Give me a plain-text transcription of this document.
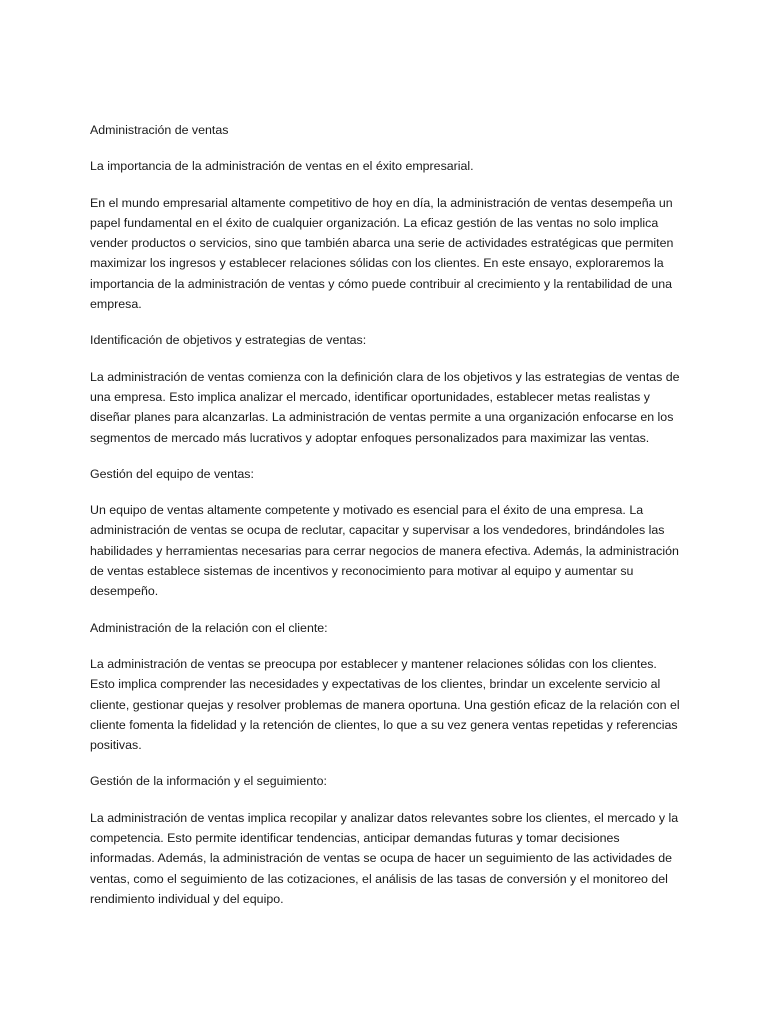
Administración de ventas

La importancia de la administración de ventas en el éxito empresarial.

En el mundo empresarial altamente competitivo de hoy en día, la administración de ventas desempeña un papel fundamental en el éxito de cualquier organización. La eficaz gestión de las ventas no solo implica vender productos o servicios, sino que también abarca una serie de actividades estratégicas que permiten maximizar los ingresos y establecer relaciones sólidas con los clientes. En este ensayo, exploraremos la importancia de la administración de ventas y cómo puede contribuir al crecimiento y la rentabilidad de una empresa.

Identificación de objetivos y estrategias de ventas:

La administración de ventas comienza con la definición clara de los objetivos y las estrategias de ventas de una empresa. Esto implica analizar el mercado, identificar oportunidades, establecer metas realistas y diseñar planes para alcanzarlas. La administración de ventas permite a una organización enfocarse en los segmentos de mercado más lucrativos y adoptar enfoques personalizados para maximizar las ventas.

Gestión del equipo de ventas:

Un equipo de ventas altamente competente y motivado es esencial para el éxito de una empresa. La administración de ventas se ocupa de reclutar, capacitar y supervisar a los vendedores, brindándoles las habilidades y herramientas necesarias para cerrar negocios de manera efectiva. Además, la administración de ventas establece sistemas de incentivos y reconocimiento para motivar al equipo y aumentar su desempeño.

Administración de la relación con el cliente:

La administración de ventas se preocupa por establecer y mantener relaciones sólidas con los clientes. Esto implica comprender las necesidades y expectativas de los clientes, brindar un excelente servicio al cliente, gestionar quejas y resolver problemas de manera oportuna. Una gestión eficaz de la relación con el cliente fomenta la fidelidad y la retención de clientes, lo que a su vez genera ventas repetidas y referencias positivas.

Gestión de la información y el seguimiento:

La administración de ventas implica recopilar y analizar datos relevantes sobre los clientes, el mercado y la competencia. Esto permite identificar tendencias, anticipar demandas futuras y tomar decisiones informadas. Además, la administración de ventas se ocupa de hacer un seguimiento de las actividades de ventas, como el seguimiento de las cotizaciones, el análisis de las tasas de conversión y el monitoreo del rendimiento individual y del equipo.
